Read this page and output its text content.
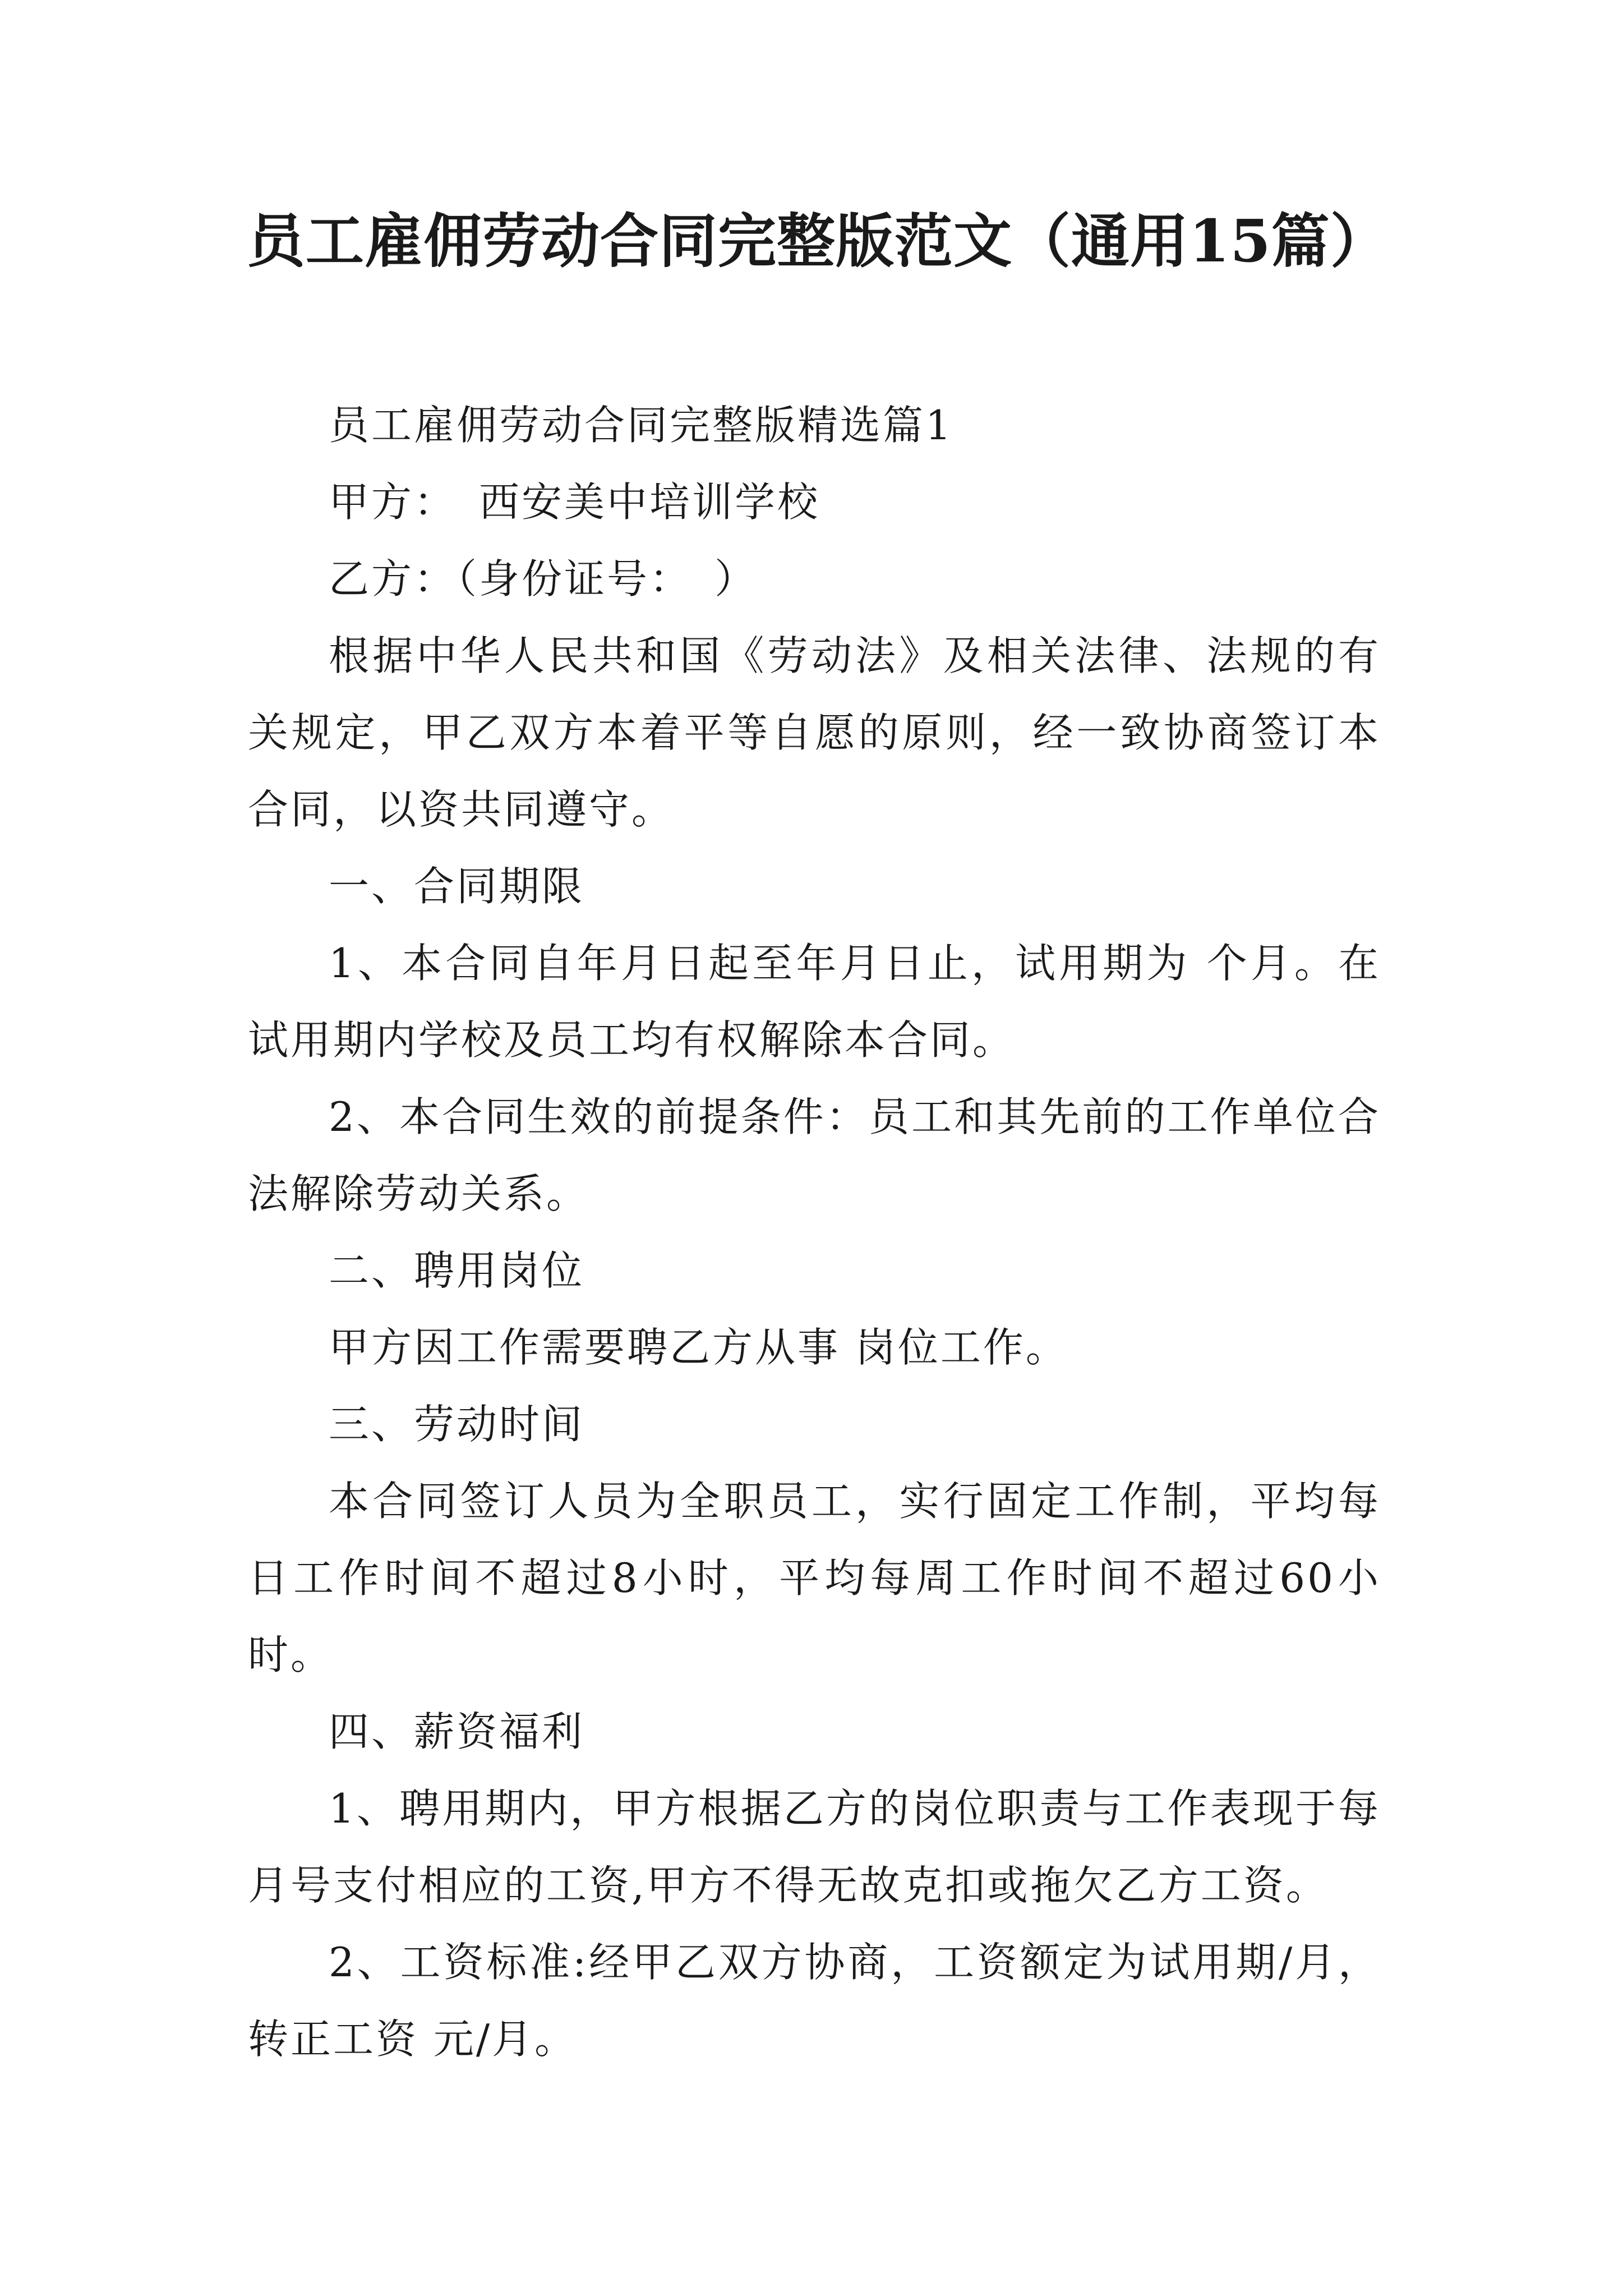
员工雇佣劳动合同完整版范文（通用15篇）

员工雇佣劳动合同完整版精选篇1

甲方：　西安美中培训学校

乙方：（身份证号：　）

根据中华人民共和国《劳动法》及相关法律、法规的有关规定，甲乙双方本着平等自愿的原则，经一致协商签订本合同，以资共同遵守。

一、合同期限

1、本合同自年月日起至年月日止，试用期为 个月。在试用期内学校及员工均有权解除本合同。

2、本合同生效的前提条件：员工和其先前的工作单位合法解除劳动关系。

二、聘用岗位

甲方因工作需要聘乙方从事 岗位工作。

三、劳动时间

本合同签订人员为全职员工，实行固定工作制，平均每日工作时间不超过8小时，平均每周工作时间不超过60小时。

四、薪资福利

1、聘用期内，甲方根据乙方的岗位职责与工作表现于每月号支付相应的工资,甲方不得无故克扣或拖欠乙方工资。

2、工资标准:经甲乙双方协商，工资额定为试用期/月，转正工资 元/月。
